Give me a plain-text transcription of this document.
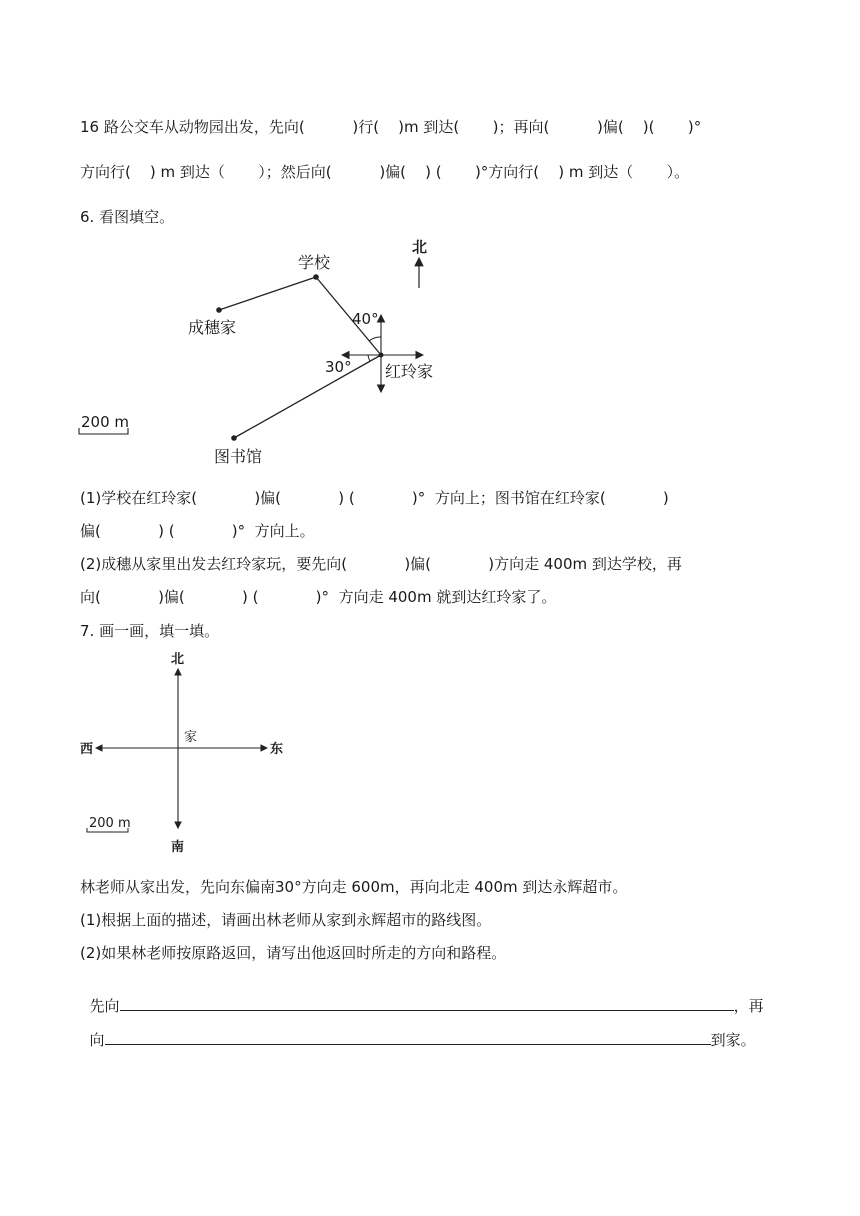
16 路公交车从动物园出发，先向(          )行(    )m 到达(       )；再向(          )偏(    )(       )°
方向行(    ) m 到达（       ）；然后向(          )偏(    ) (       )°方向行(    ) m 到达（       ）。
6. 看图填空。
北
学校
成穗家	40°
30° 红玲家
图书馆
200 m
(1)学校在红玲家(            )偏(            ) (            )°  方向上；图书馆在红玲家(            )
偏(            ) (            )°  方向上。
(2)成穗从家里出发去红玲家玩，要先向(            )偏(            )方向走 400m 到达学校，再
向(            )偏(            ) (            )°  方向走 400m 就到达红玲家了。
7. 画一画，填一填。
北
南
东
西
家
200 m
林老师从家出发，先向东偏南30°方向走 600m，再向北走 400m 到达永辉超市。
(1)根据上面的描述，请画出林老师从家到永辉超市的路线图。
(2)如果林老师按原路返回，请写出他返回时所走的方向和路程。

先向	，再

向	到家。
